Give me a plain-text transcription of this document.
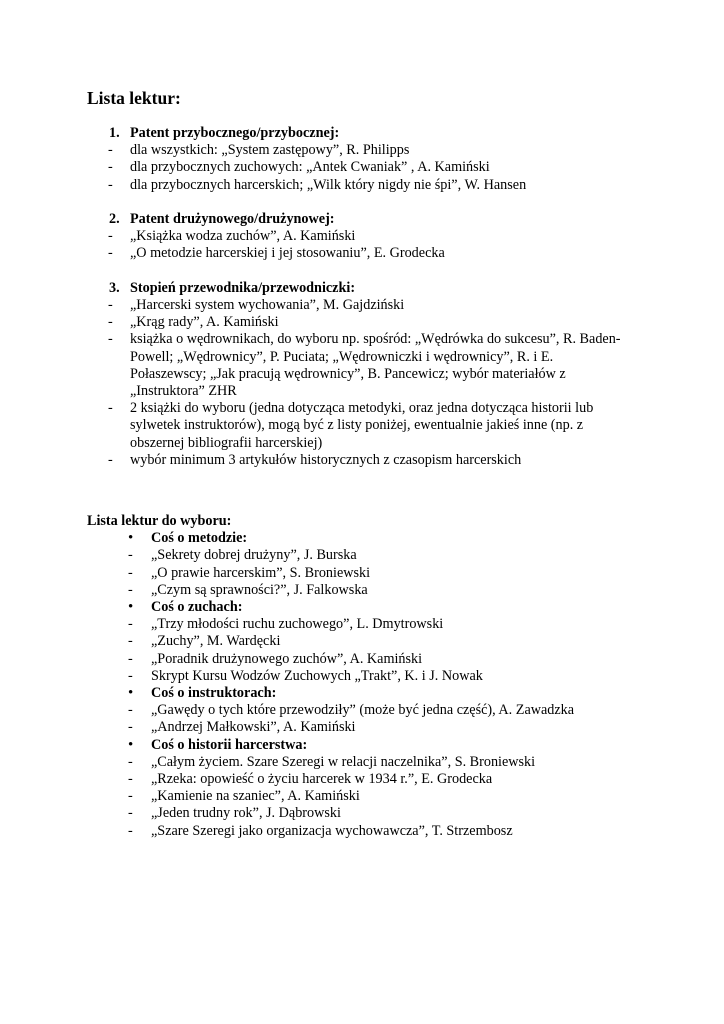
Lista lektur:
1. Patent przybocznego/przybocznej:
- dla wszystkich: „System zastępowy”, R. Philipps
- dla przybocznych zuchowych: „Antek Cwaniak” , A. Kamiński
- dla przybocznych harcerskich; „Wilk który nigdy nie śpi”, W. Hansen
2. Patent drużynowego/drużynowej:
- „Książka wodza zuchów”, A. Kamiński
- „O metodzie harcerskiej i jej stosowaniu”, E. Grodecka
3. Stopień przewodnika/przewodniczki:
- „Harcerski system wychowania”, M. Gajdziński
- „Krąg rady”, A. Kamiński
- książka o wędrownikach, do wyboru np. spośród: „Wędrówka do sukcesu”, R. Baden-
Powell; „Wędrownicy”, P. Puciata; „Wędrowniczki i wędrownicy”, R. i E.
Połaszewscy; „Jak pracują wędrownicy”, B. Pancewicz; wybór materiałów z
„Instruktora” ZHR
- 2 książki do wyboru (jedna dotycząca metodyki, oraz jedna dotycząca historii lub
sylwetek instruktorów), mogą być z listy poniżej, ewentualnie jakieś inne (np. z
obszernej bibliografii harcerskiej)
- wybór minimum 3 artykułów historycznych z czasopism harcerskich
Lista lektur do wyboru:
• Coś o metodzie:
- „Sekrety dobrej drużyny”, J. Burska
- „O prawie harcerskim”, S. Broniewski
- „Czym są sprawności?”, J. Falkowska
• Coś o zuchach:
- „Trzy młodości ruchu zuchowego”, L. Dmytrowski
- „Zuchy”, M. Wardęcki
- „Poradnik drużynowego zuchów”, A. Kamiński
- Skrypt Kursu Wodzów Zuchowych „Trakt”, K. i J. Nowak
• Coś o instruktorach:
- „Gawędy o tych które przewodziły” (może być jedna część), A. Zawadzka
- „Andrzej Małkowski”, A. Kamiński
• Coś o historii harcerstwa:
- „Całym życiem. Szare Szeregi w relacji naczelnika”, S. Broniewski
- „Rzeka: opowieść o życiu harcerek w 1934 r.”, E. Grodecka
- „Kamienie na szaniec”, A. Kamiński
- „Jeden trudny rok”, J. Dąbrowski
- „Szare Szeregi jako organizacja wychowawcza”, T. Strzembosz
